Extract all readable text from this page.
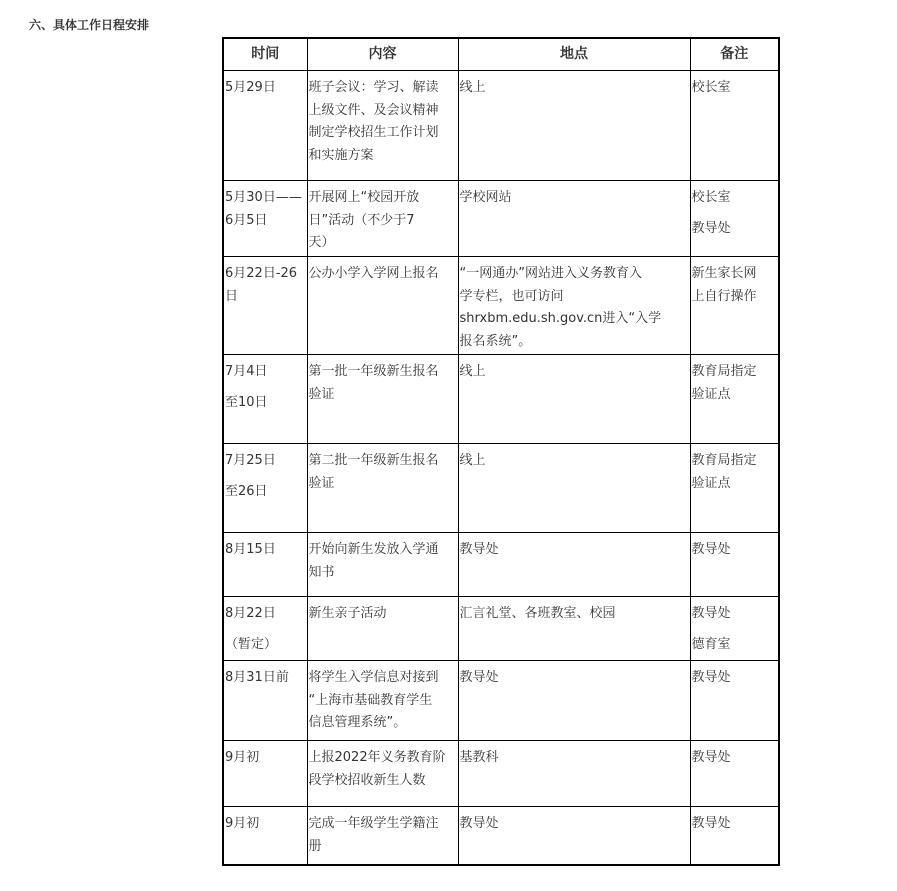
六、具体工作日程安排
时间	内容	地点	备注

5月29日	班子会议：学习、解读
上级文件、及会议精神
制定学校招生工作计划
和实施方案	线上	校长室

5月30日——
6月5日	开展网上“校园开放
日”活动（不少于7
天）	学校网站	校长室
教导处

6月22日-26
日	公办小学入学网上报名	“一网通办”网站进入义务教育入
学专栏，也可访问
shrxbm.edu.sh.gov.cn进入“入学
报名系统”。	新生家长网
上自行操作

7月4日
至10日	第一批一年级新生报名
验证	线上	教育局指定
验证点

7月25日
至26日	第二批一年级新生报名
验证	线上	教育局指定
验证点

8月15日	开始向新生发放入学通
知书	教导处	教导处

8月22日
（暂定）	新生亲子活动	汇言礼堂、各班教室、校园	教导处
德育室

8月31日前	将学生入学信息对接到
“上海市基础教育学生
信息管理系统”。	教导处	教导处

9月初	上报2022年义务教育阶
段学校招收新生人数	基教科	教导处

9月初	完成一年级学生学籍注
册	教导处	教导处
